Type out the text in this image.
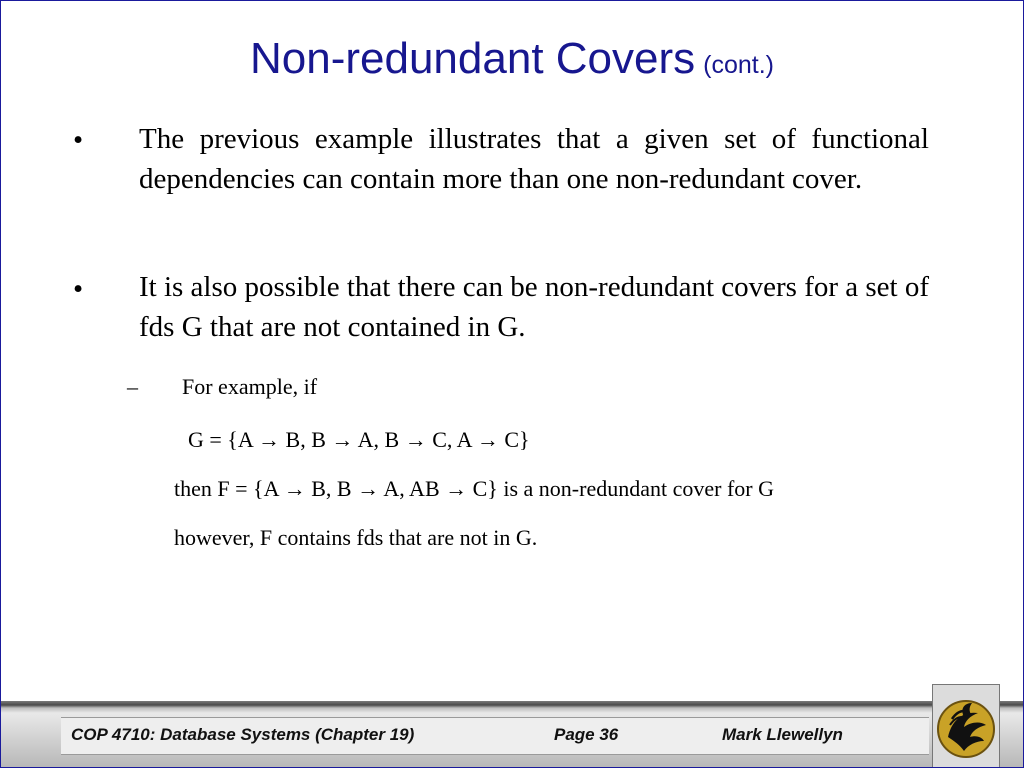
Non-redundant Covers (cont.)
• The previous example illustrates that a given set of functional dependencies can contain more than one non-redundant cover.
• It is also possible that there can be non-redundant covers for a set of fds G that are not contained in G.
– For example, if
G = {A → B, B → A, B → C, A → C}
then F = {A → B, B → A, AB → C} is a non-redundant cover for G
however, F contains fds that are not in G.
COP 4710: Database Systems (Chapter 19)	Page 36	Mark Llewellyn
